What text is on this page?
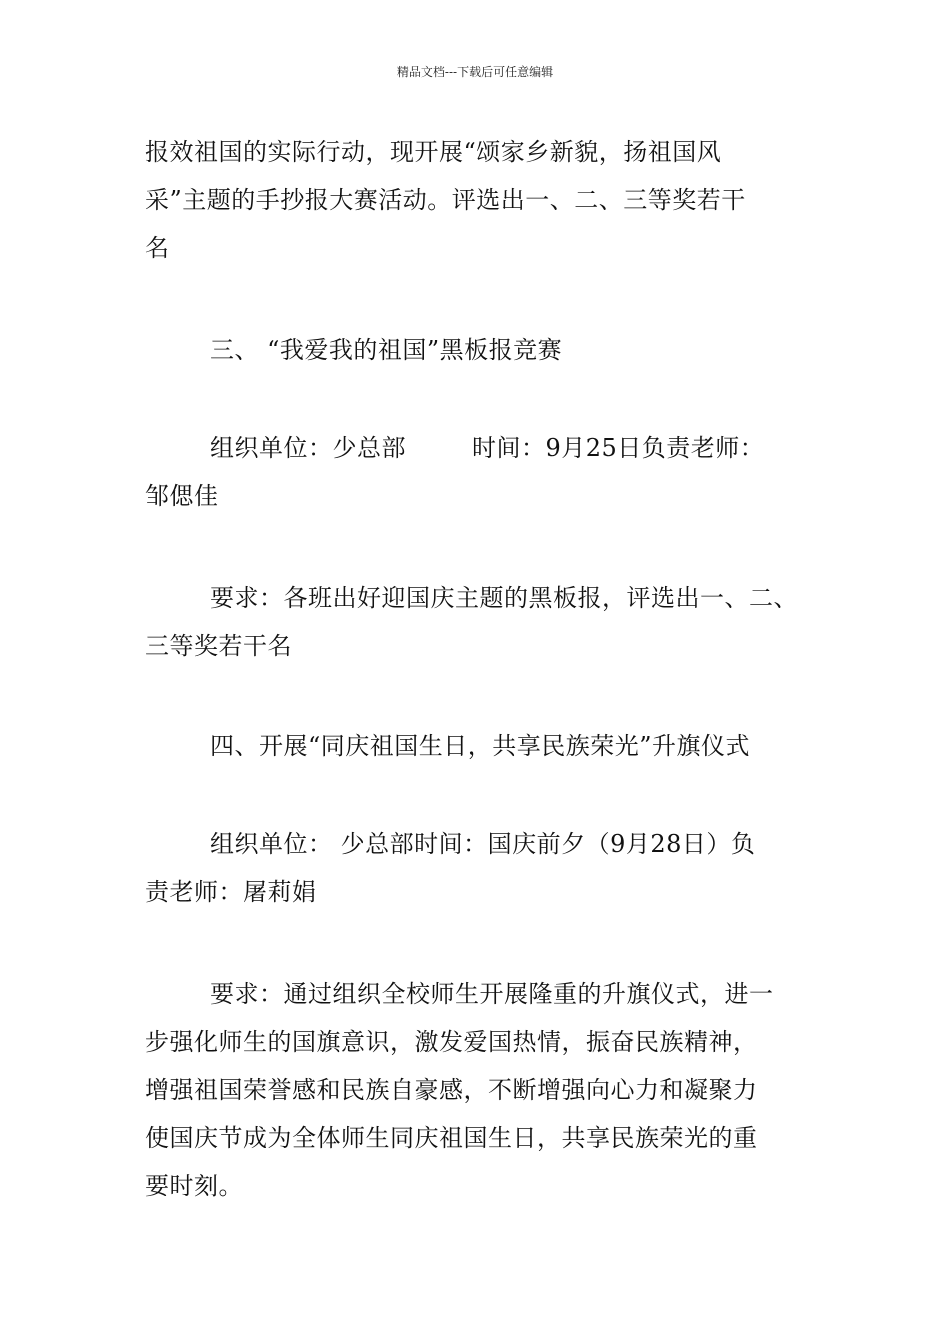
精品文档---下载后可任意编辑
报效祖国的实际行动，现开展“颂家乡新貌，扬祖国风
采”主题的手抄报大赛活动。评选出一、二、三等奖若干
名
三、 “我爱我的祖国”黑板报竞赛
组织单位：少总部	时间：9月25日负责老师：
邹偲佳
要求：各班出好迎国庆主题的黑板报，评选出一、二、
三等奖若干名
四、开展“同庆祖国生日，共享民族荣光”升旗仪式
组织单位： 少总部时间：国庆前夕（9月28日）负
责老师：屠莉娟
要求：通过组织全校师生开展隆重的升旗仪式，进一
步强化师生的国旗意识，激发爱国热情，振奋民族精神，
增强祖国荣誉感和民族自豪感，不断增强向心力和凝聚力
使国庆节成为全体师生同庆祖国生日，共享民族荣光的重
要时刻。
